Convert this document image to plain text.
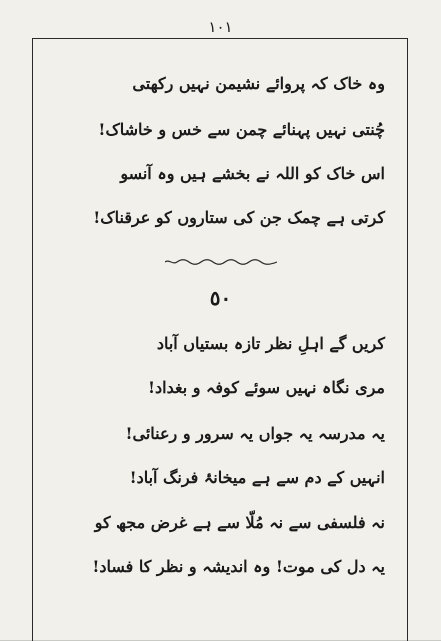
١٠١
وہ خاک کہ پروائے نشیمن نہیں رکھتی
چُنتی نہیں پہنائے چمن سے خس و خاشاک!
اس خاک کو اللہ نے بخشے ہیں وہ آنسو
کرتی ہے چمک جن کی ستاروں کو عرقناک!
٥٠
کریں گے اہلِ نظر تازہ بستیاں آباد
مری نگاہ نہیں سوئے کوفہ و بغداد!
یہ مدرسہ یہ جواں یہ سرور و رعنائی!
انہیں کے دم سے ہے میخانۂ فرنگ آباد!
نہ فلسفی سے نہ مُلّا سے ہے غرض مجھ کو
یہ دل کی موت! وہ اندیشہ و نظر کا فساد!
